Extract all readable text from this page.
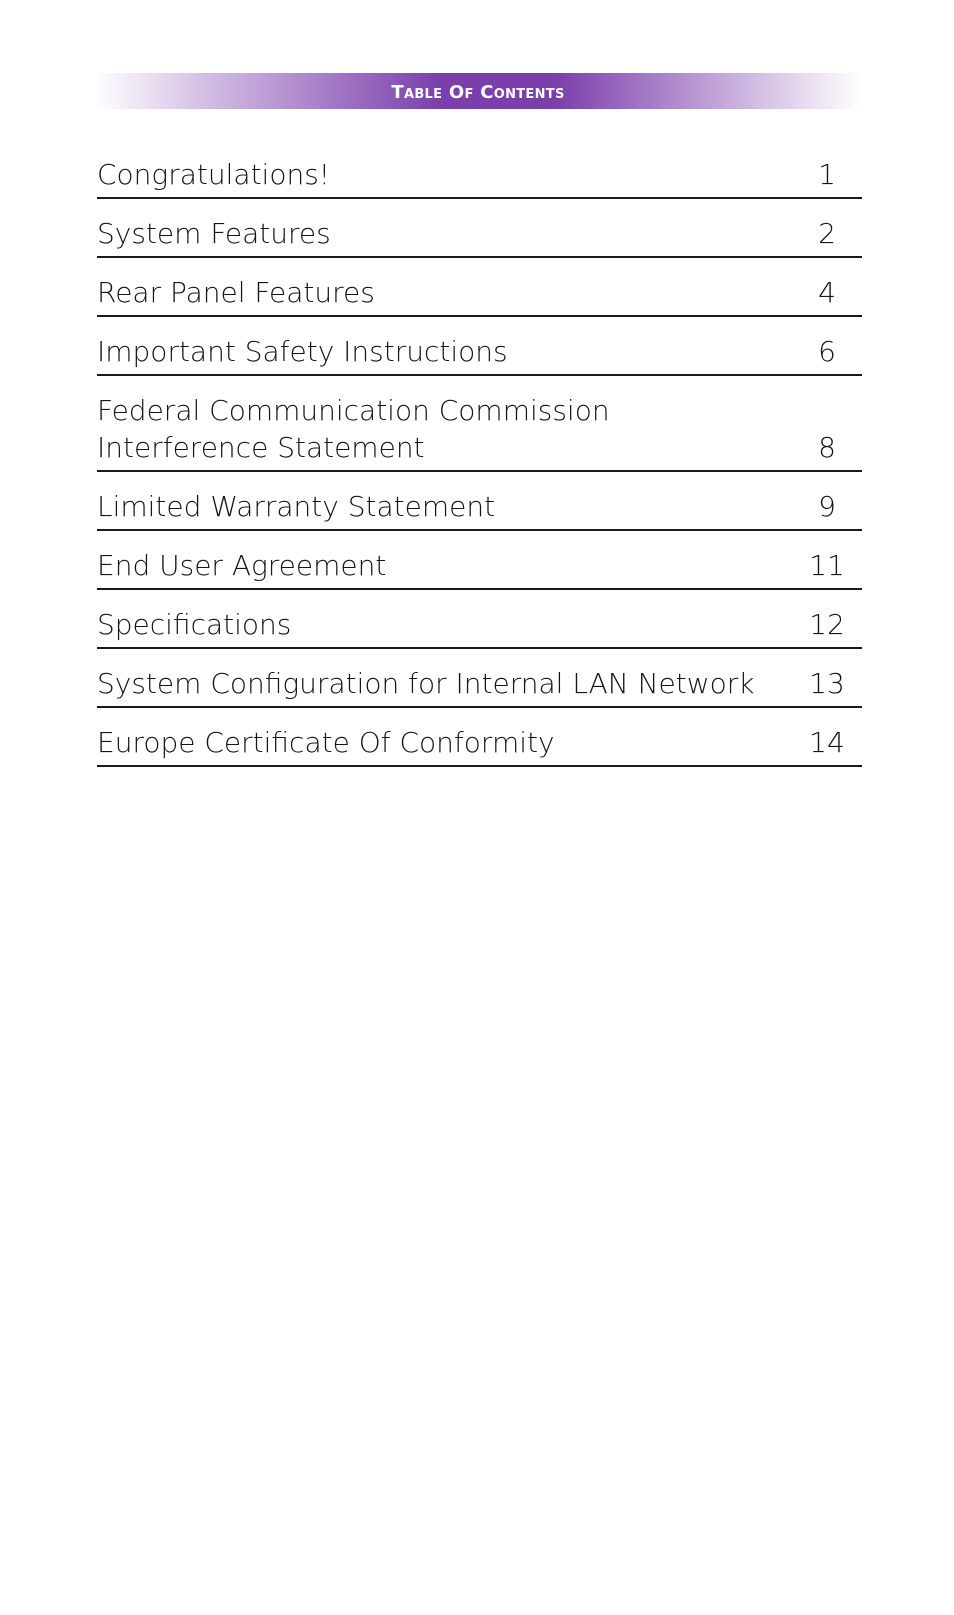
Table Of Contents
Congratulations!	1
System Features	2
Rear Panel Features	4
Important Safety Instructions	6
Federal Communication Commission
Interference Statement	8
Limited Warranty Statement	9
End User Agreement	11
Specifications	12
System Configuration for Internal LAN Network	13
Europe Certificate Of Conformity	14
